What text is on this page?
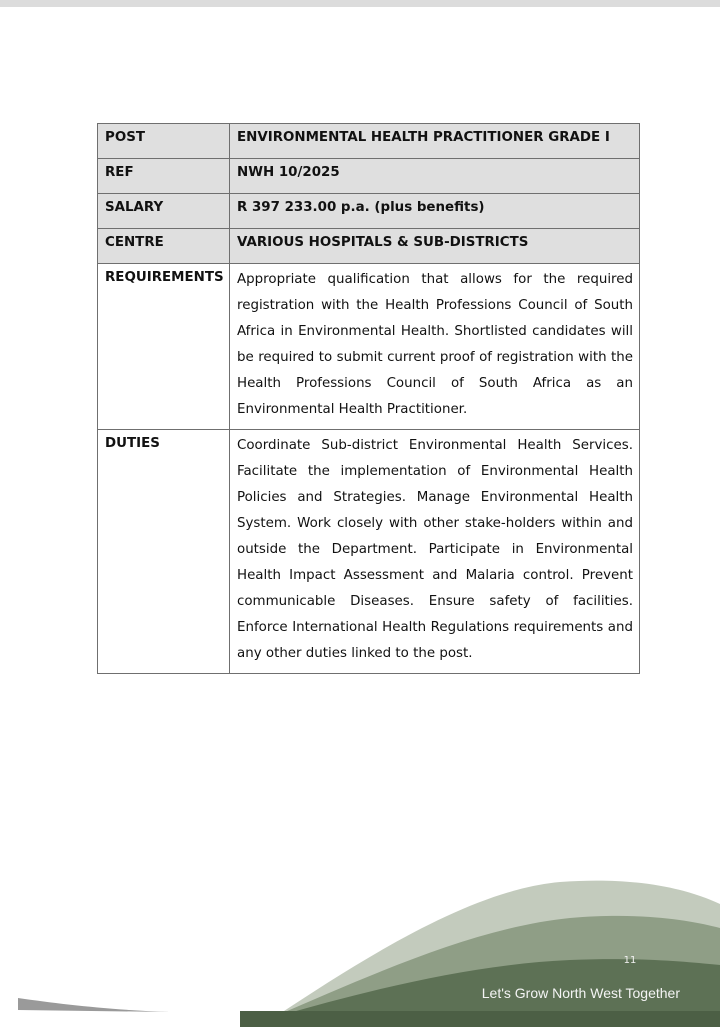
POST	ENVIRONMENTAL HEALTH PRACTITIONER GRADE I
REF	NWH 10/2025
SALARY	R 397 233.00 p.a. (plus benefits)
CENTRE	VARIOUS HOSPITALS & SUB-DISTRICTS
REQUIREMENTS	Appropriate qualification that allows for the required registration with the Health Professions Council of South Africa in Environmental Health. Shortlisted candidates will be required to submit current proof of registration with the Health Professions Council of South Africa as an Environmental Health Practitioner.
DUTIES	Coordinate Sub-district Environmental Health Services. Facilitate the implementation of Environmental Health Policies and Strategies. Manage Environmental Health System. Work closely with other stake-holders within and outside the Department. Participate in Environmental Health Impact Assessment and Malaria control. Prevent communicable Diseases. Ensure safety of facilities. Enforce International Health Regulations requirements and any other duties linked to the post.
11
Let's Grow North West Together
